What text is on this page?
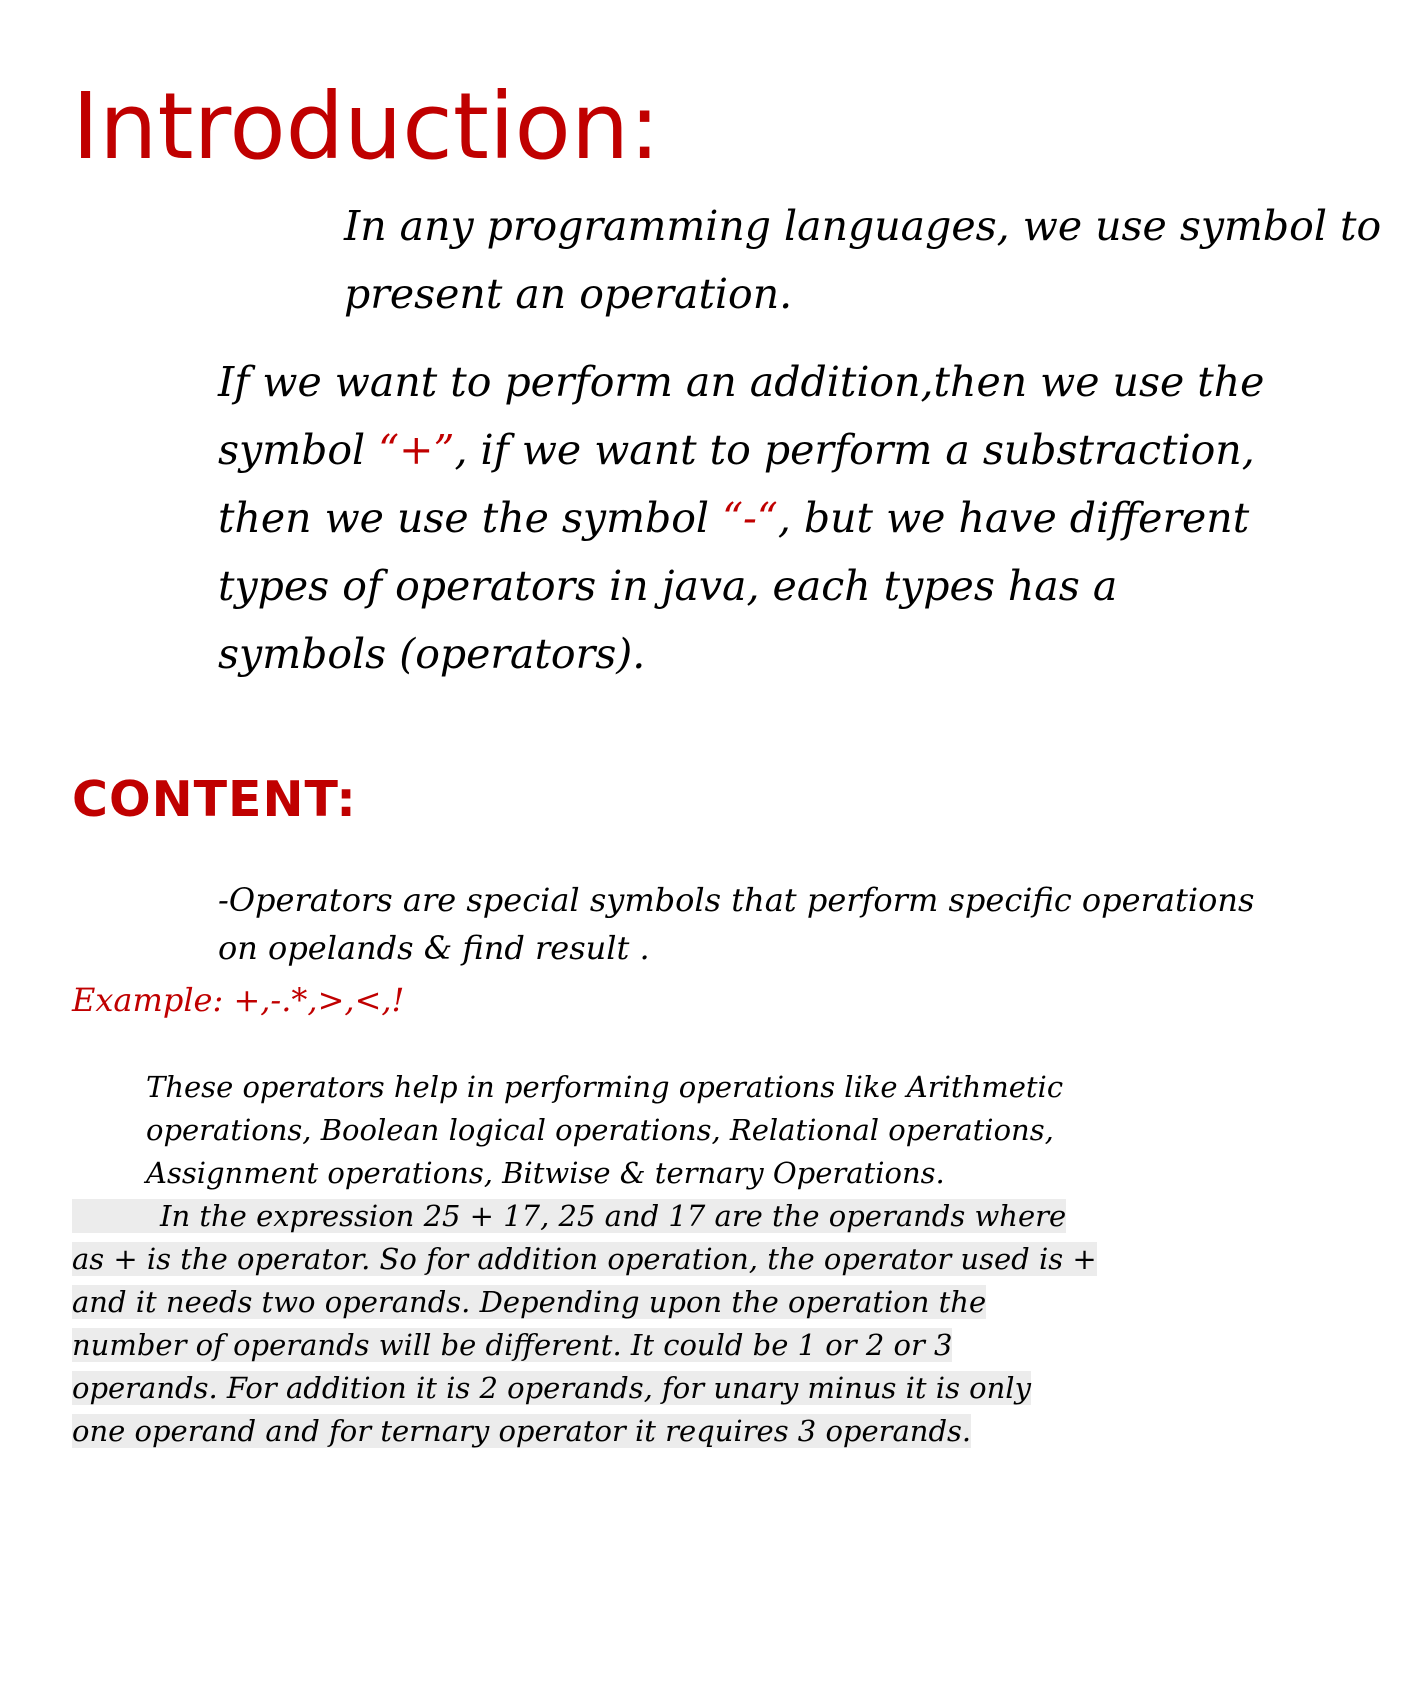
Introduction:

In any programming languages, we use symbol to present an operation.

If we want to perform an addition,then we use the symbol “+”, if we want to perform a substraction, then we use the symbol “-“, but we have different types of operators in java, each types has a symbols (operators).

CONTENT:

-Operators are special symbols that perform specific operations on opelands & find result .

Example: +,-.*,>,<,!

These operators help in performing operations like Arithmetic operations, Boolean logical operations, Relational operations, Assignment operations, Bitwise & ternary Operations.

In the expression 25 + 17, 25 and 17 are the operands where
as + is the operator. So for addition operation, the operator used is +
and it needs two operands. Depending upon the operation the
number of operands will be different. It could be 1 or 2 or 3
operands. For addition it is 2 operands, for unary minus it is only
one operand and for ternary operator it requires 3 operands.
